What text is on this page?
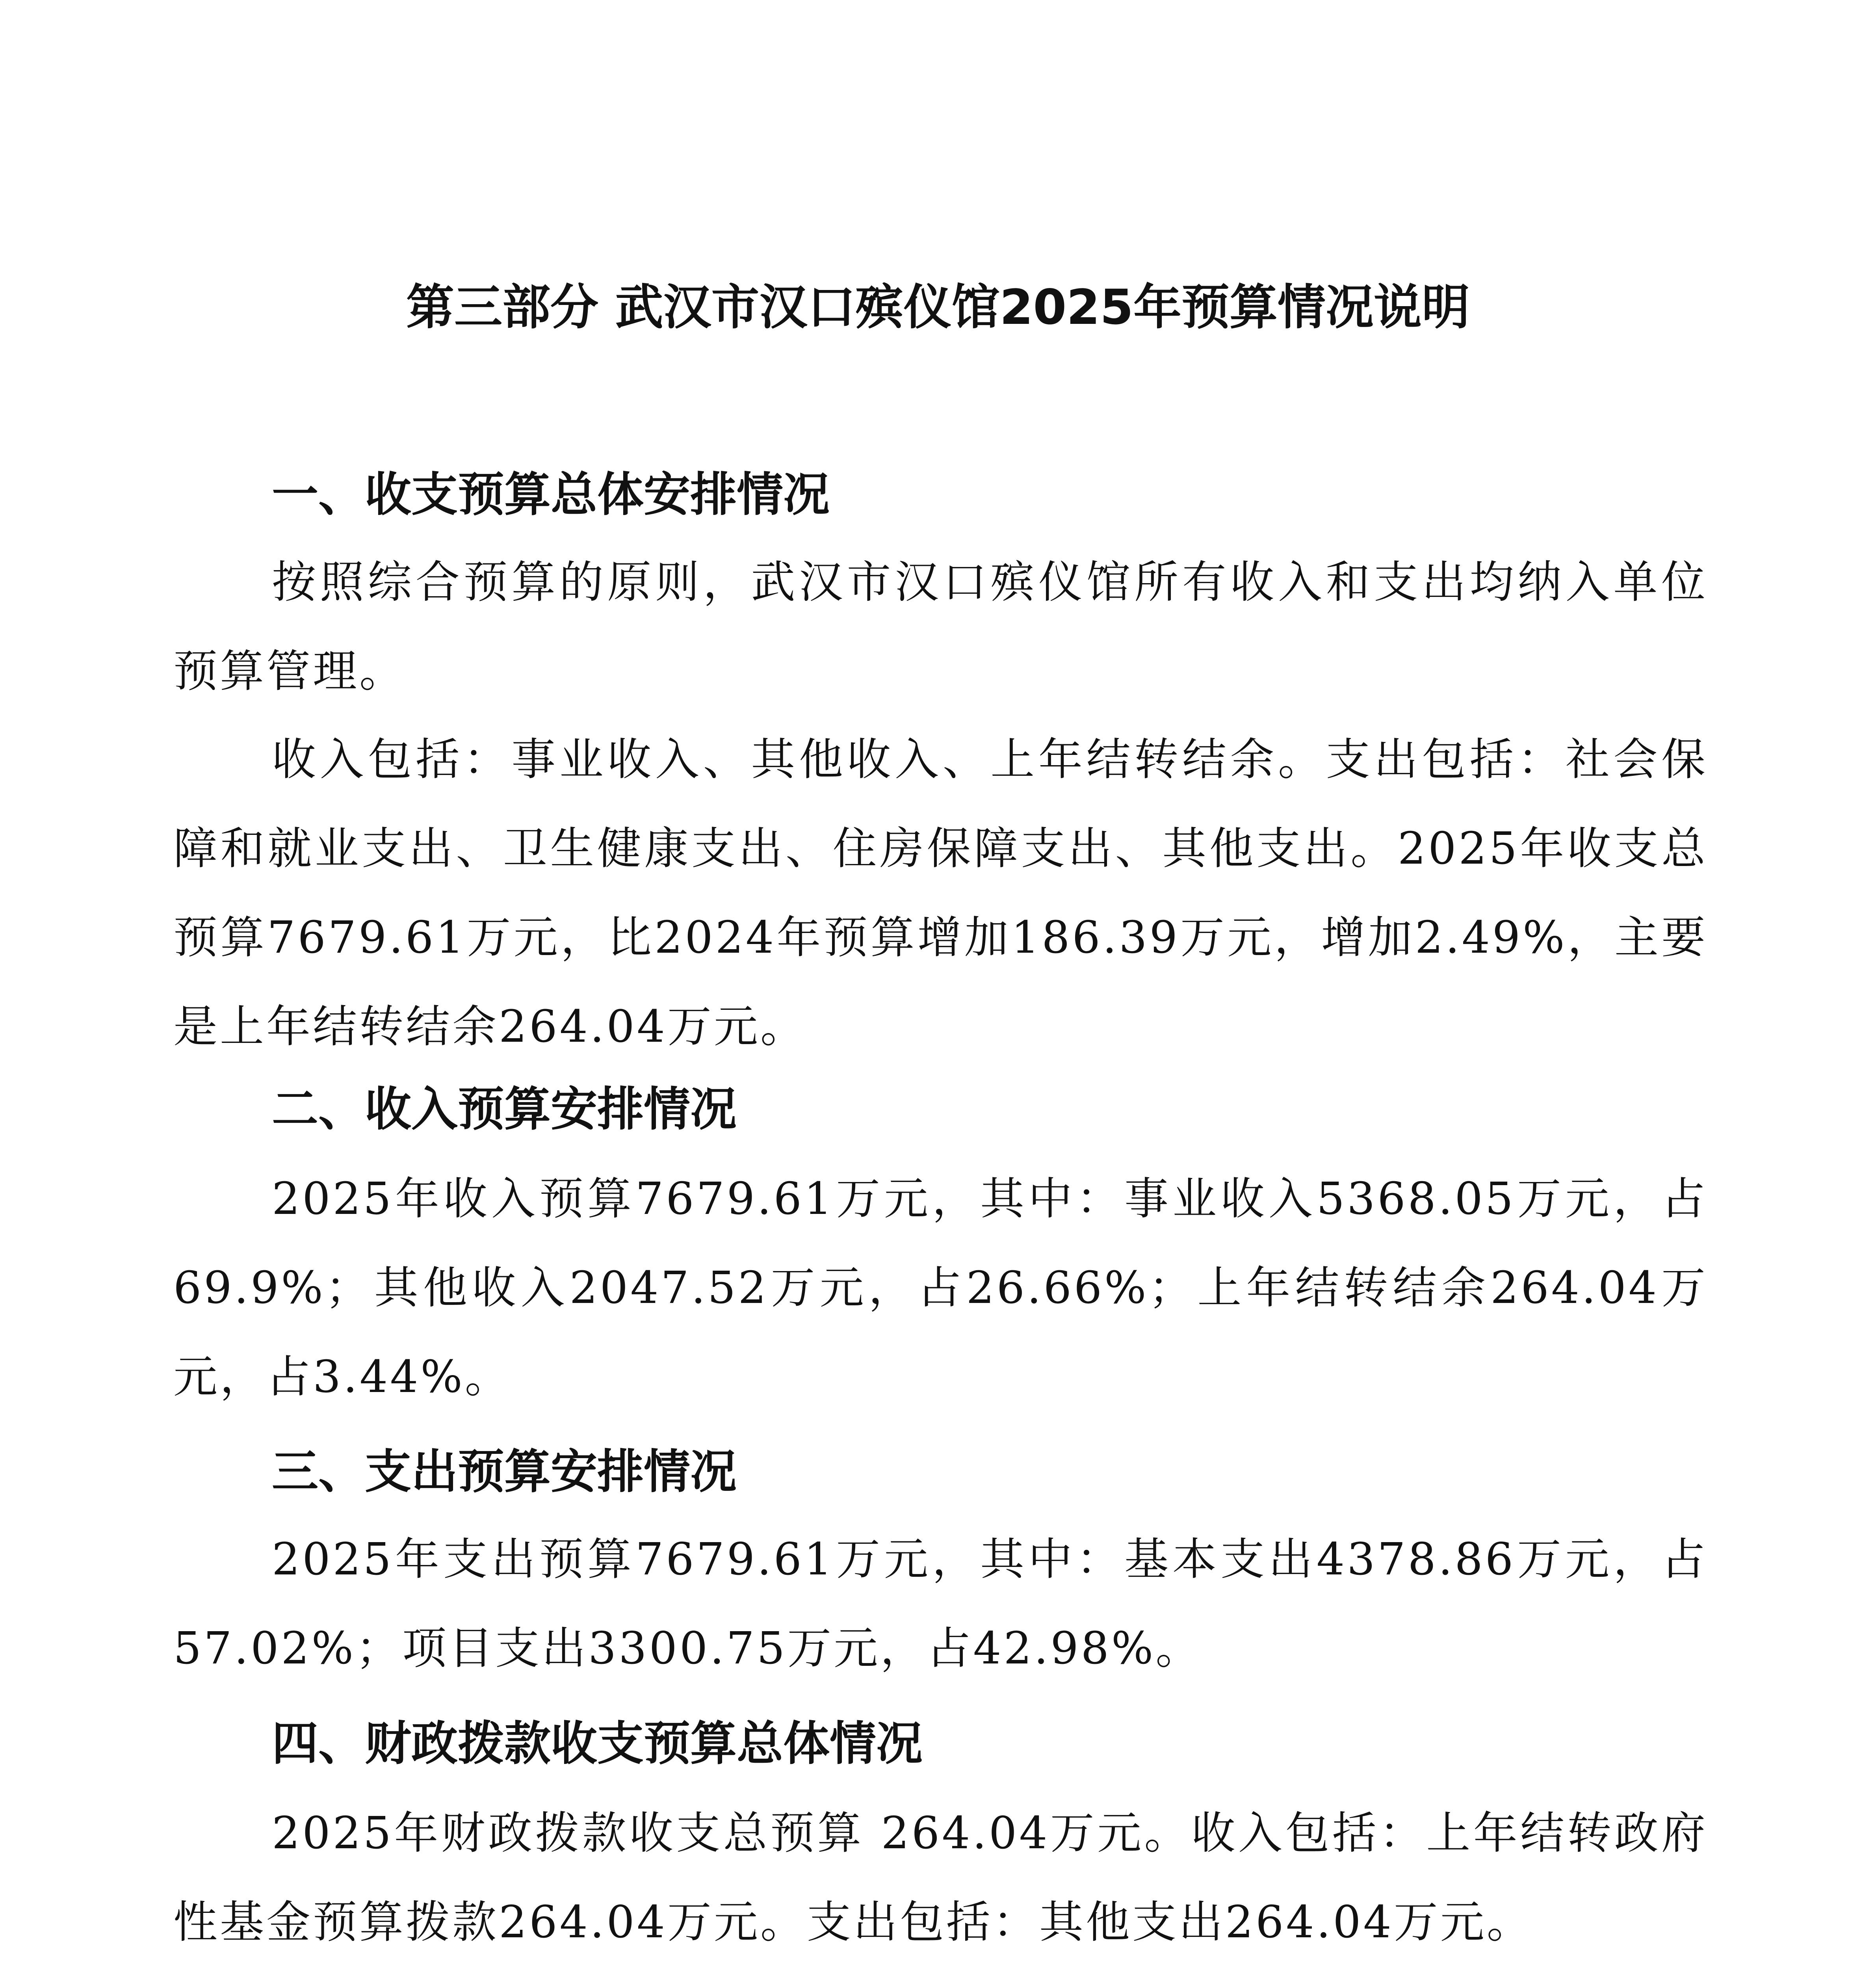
第三部分 武汉市汉口殡仪馆2025年预算情况说明
一、收支预算总体安排情况

按照综合预算的原则，武汉市汉口殡仪馆所有收入和支出均纳入单位预算管理。

收入包括：事业收入、其他收入、上年结转结余。支出包括：社会保障和就业支出、卫生健康支出、住房保障支出、其他支出。2025年收支总预算7679.61万元，比2024年预算增加186.39万元，增加2.49%，主要是上年结转结余264.04万元。

二、收入预算安排情况

2025年收入预算7679.61万元，其中：事业收入5368.05万元，占69.9%；其他收入2047.52万元，占26.66%；上年结转结余264.04万元，占3.44%。

三、支出预算安排情况

2025年支出预算7679.61万元，其中：基本支出4378.86万元，占57.02%；项目支出3300.75万元，占42.98%。

四、财政拨款收支预算总体情况

2025年财政拨款收支总预算 264.04万元。收入包括：上年结转政府性基金预算拨款264.04万元。支出包括：其他支出264.04万元。
